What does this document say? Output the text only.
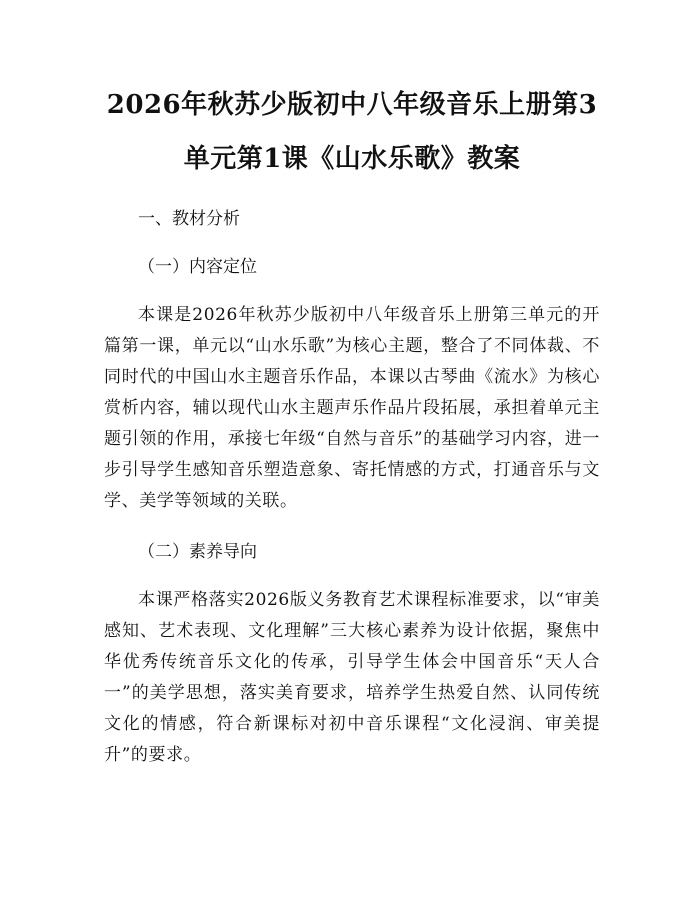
2026年秋苏少版初中八年级音乐上册第3单元第1课《山水乐歌》教案

一、教材分析

（一）内容定位

本课是2026年秋苏少版初中八年级音乐上册第三单元的开篇第一课，单元以“山水乐歌”为核心主题，整合了不同体裁、不同时代的中国山水主题音乐作品，本课以古琴曲《流水》为核心赏析内容，辅以现代山水主题声乐作品片段拓展，承担着单元主题引领的作用，承接七年级“自然与音乐”的基础学习内容，进一步引导学生感知音乐塑造意象、寄托情感的方式，打通音乐与文学、美学等领域的关联。

（二）素养导向

本课严格落实2026版义务教育艺术课程标准要求，以“审美感知、艺术表现、文化理解”三大核心素养为设计依据，聚焦中华优秀传统音乐文化的传承，引导学生体会中国音乐“天人合一”的美学思想，落实美育要求，培养学生热爱自然、认同传统文化的情感，符合新课标对初中音乐课程“文化浸润、审美提升”的要求。
